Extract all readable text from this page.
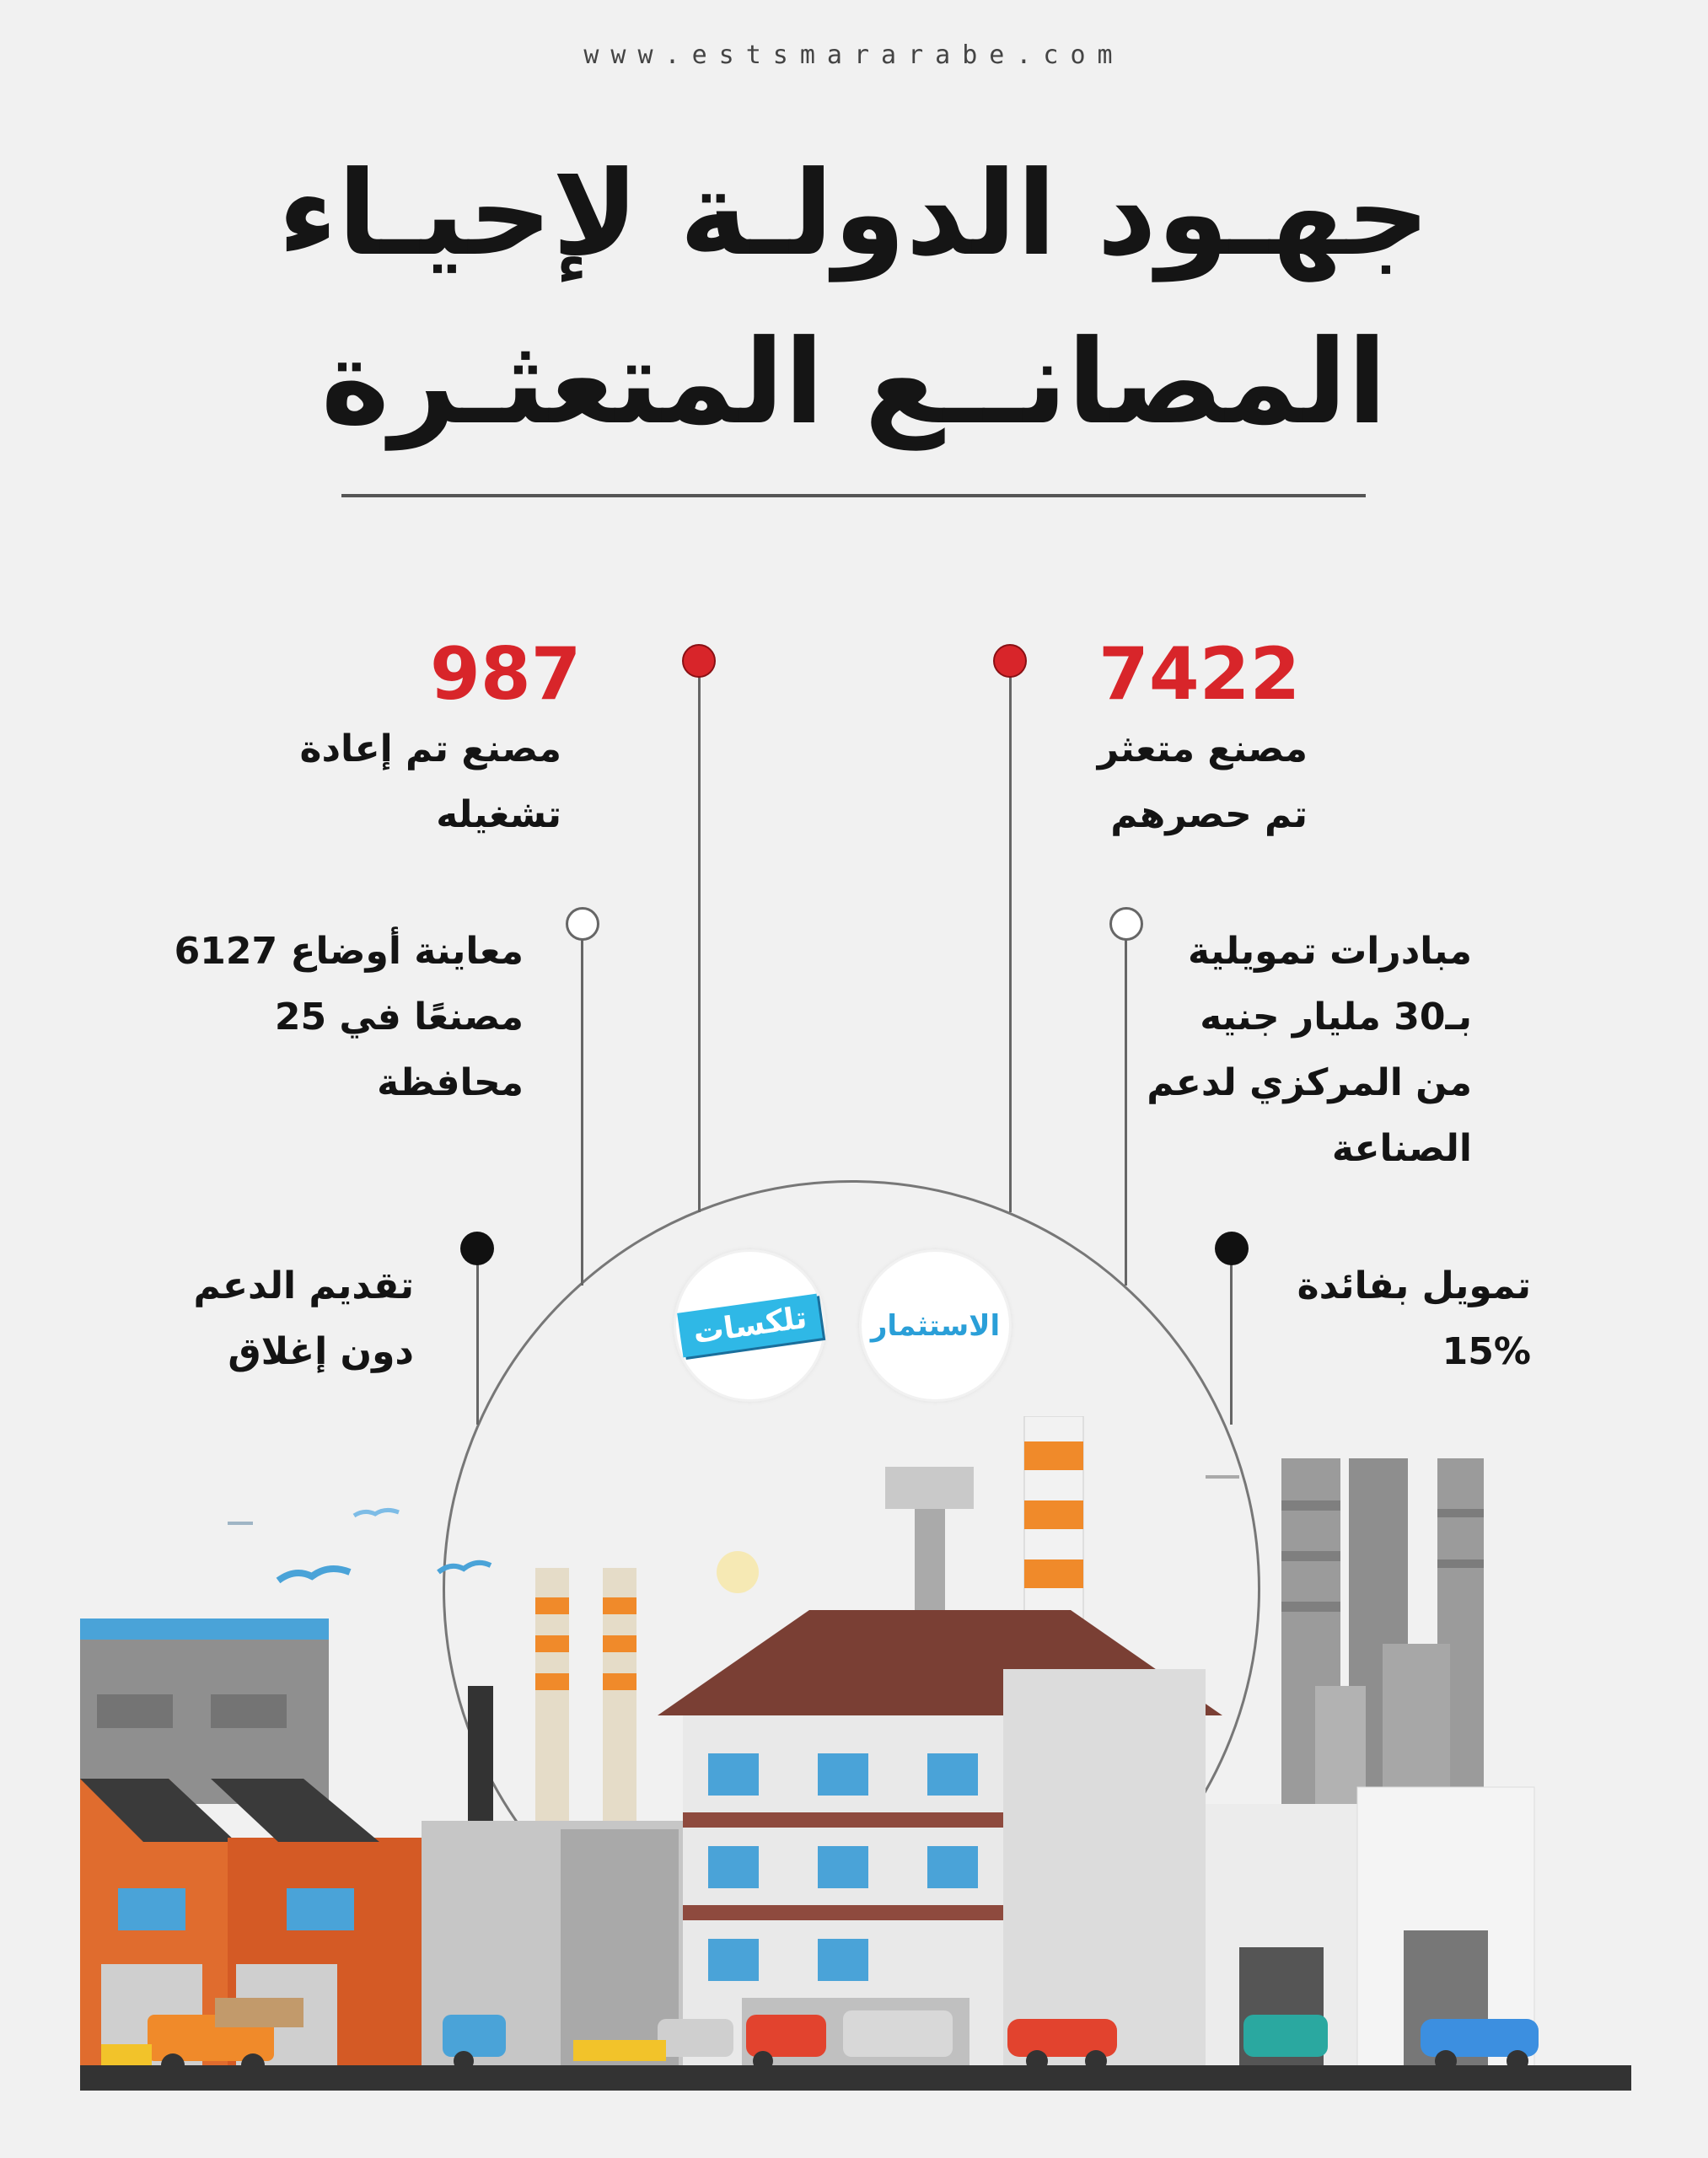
www.estsmararabe.com
جهـود الدولـة لإحيـاء
المصانــع المتعثـرة
7422
مصنع متعثر
تم حصرهم
987
مصنع تم إعادة
تشغيله
مبادرات تمويلية
بـ30 مليار جنيه
من المركزي لدعم
الصناعة
معاينة أوضاع 6127
مصنعًا في 25
محافظة
تمويل بفائدة
15%
تقديم الدعم
دون إغلاق
الاستثمار
تلكسات
